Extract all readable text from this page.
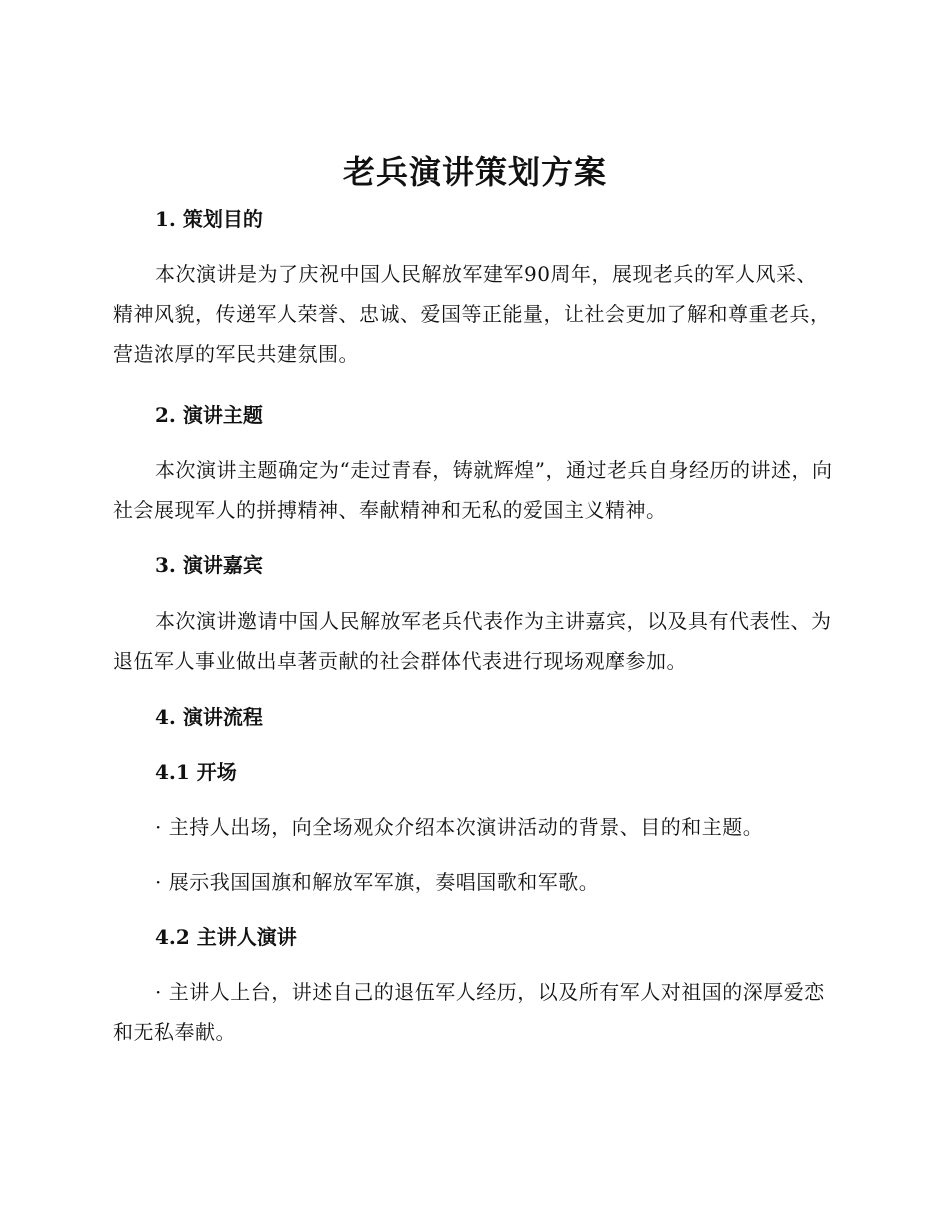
老兵演讲策划方案
1. 策划目的

本次演讲是为了庆祝中国人民解放军建军90周年，展现老兵的军人风采、精神风貌，传递军人荣誉、忠诚、爱国等正能量，让社会更加了解和尊重老兵，营造浓厚的军民共建氛围。

2. 演讲主题

本次演讲主题确定为“走过青春，铸就辉煌”，通过老兵自身经历的讲述，向社会展现军人的拼搏精神、奉献精神和无私的爱国主义精神。

3. 演讲嘉宾

本次演讲邀请中国人民解放军老兵代表作为主讲嘉宾，以及具有代表性、为退伍军人事业做出卓著贡献的社会群体代表进行现场观摩参加。

4. 演讲流程
4.1 开场

· 主持人出场，向全场观众介绍本次演讲活动的背景、目的和主题。

· 展示我国国旗和解放军军旗，奏唱国歌和军歌。

4.2 主讲人演讲

· 主讲人上台，讲述自己的退伍军人经历，以及所有军人对祖国的深厚爱恋和无私奉献。
